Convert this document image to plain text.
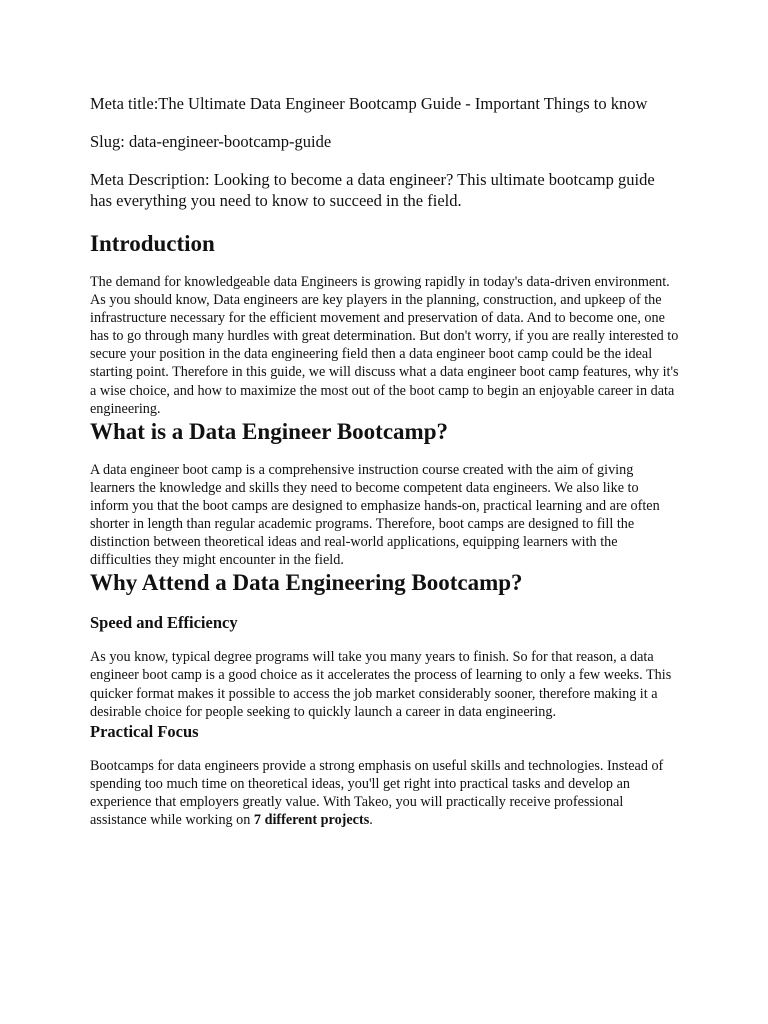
Meta title:The Ultimate Data Engineer Bootcamp Guide - Important Things to know

Slug: data-engineer-bootcamp-guide

Meta Description: Looking to become a data engineer? This ultimate bootcamp guide has everything you need to know to succeed in the field.

Introduction

The demand for knowledgeable data Engineers is growing rapidly in today's data-driven environment. As you should know, Data engineers are key players in the planning, construction, and upkeep of the infrastructure necessary for the efficient movement and preservation of data. And to become one, one has to go through many hurdles with great determination. But don't worry, if you are really interested to secure your position in the data engineering field then a data engineer boot camp could be the ideal starting point. Therefore in this guide, we will discuss what a data engineer boot camp features, why it's a wise choice, and how to maximize the most out of the boot camp to begin an enjoyable career in data engineering.

What is a Data Engineer Bootcamp?

A data engineer boot camp is a comprehensive instruction course created with the aim of giving learners the knowledge and skills they need to become competent data engineers. We also like to inform you that the boot camps are designed to emphasize hands-on, practical learning and are often shorter in length than regular academic programs. Therefore, boot camps are designed to fill the distinction between theoretical ideas and real-world applications, equipping learners with the difficulties they might encounter in the field.

Why Attend a Data Engineering Bootcamp?
Speed and Efficiency

As you know, typical degree programs will take you many years to finish. So for that reason, a data engineer boot camp is a good choice as it accelerates the process of learning to only a few weeks. This quicker format makes it possible to access the job market considerably sooner, therefore making it a desirable choice for people seeking to quickly launch a career in data engineering.

Practical Focus

Bootcamps for data engineers provide a strong emphasis on useful skills and technologies. Instead of spending too much time on theoretical ideas, you'll get right into practical tasks and develop an experience that employers greatly value. With Takeo, you will practically receive professional assistance while working on 7 different projects.
